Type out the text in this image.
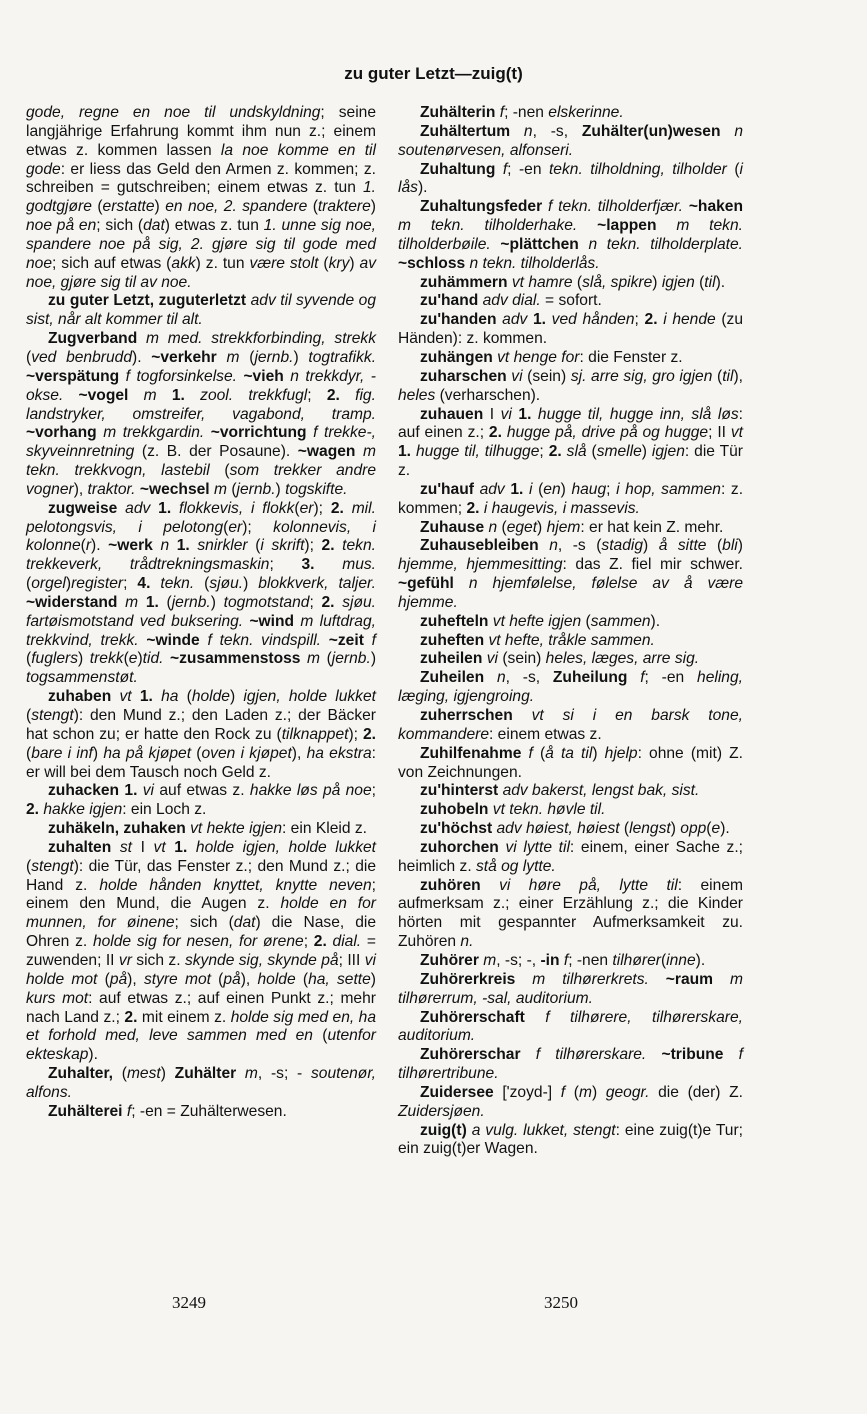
zu guter Letzt—zuig(t)

gode, regne en noe til undskyldning; seine langjährige Erfahrung kommt ihm nun z.; einem etwas z. kommen lassen la noe komme en til gode: er liess das Geld den Armen z. kommen; z. schreiben = gutschreiben; einem etwas z. tun 1. godtgjøre (erstatte) en noe, 2. spandere (traktere) noe på en; sich (dat) etwas z. tun 1. unne sig noe, spandere noe på sig, 2. gjøre sig til gode med noe; sich auf etwas (akk) z. tun være stolt (kry) av noe, gjøre sig til av noe.

zu guter Letzt, zuguterletzt adv til syvende og sist, når alt kommer til alt.

Zugverband m med. strekkforbinding, strekk (ved benbrudd). ~verkehr m (jernb.) togtrafikk. ~verspätung f togforsinkelse. ~vieh n trekkdyr, -okse. ~vogel m 1. zool. trekkfugl; 2. fig. landstryker, omstreifer, vagabond, tramp. ~vorhang m trekkgardin. ~vorrichtung f trekke-, skyveinnretning (z. B. der Posaune). ~wagen m tekn. trekkvogn, lastebil (som trekker andre vogner), traktor. ~wechsel m (jernb.) togskifte.

zugweise adv 1. flokkevis, i flokk(er); 2. mil. pelotongsvis, i pelotong(er); kolonnevis, i kolonne(r). ~werk n 1. snirkler (i skrift); 2. tekn. trekkeverk, trådtrekningsmaskin; 3. mus. (orgel)register; 4. tekn. (sjøu.) blokkverk, taljer. ~widerstand m 1. (jernb.) togmotstand; 2. sjøu. fartøismotstand ved buksering. ~wind m luftdrag, trekkvind, trekk. ~winde f tekn. vindspill. ~zeit f (fuglers) trekk(e)tid. ~zusammenstoss m (jernb.) togsammenstøt.

zuhaben vt 1. ha (holde) igjen, holde lukket (stengt): den Mund z.; den Laden z.; der Bäcker hat schon zu; er hatte den Rock zu (tilknappet); 2. (bare i inf) ha på kjøpet (oven i kjøpet), ha ekstra: er will bei dem Tausch noch Geld z.

zuhacken 1. vi auf etwas z. hakke løs på noe; 2. hakke igjen: ein Loch z.

zuhäkeln, zuhaken vt hekte igjen: ein Kleid z.

zuhalten st I vt 1. holde igjen, holde lukket (stengt): die Tür, das Fenster z.; den Mund z.; die Hand z. holde hånden knyttet, knytte neven; einem den Mund, die Augen z. holde en for munnen, for øinene; sich (dat) die Nase, die Ohren z. holde sig for nesen, for ørene; 2. dial. = zuwenden; II vr sich z. skynde sig, skynde på; III vi holde mot (på), styre mot (på), holde (ha, sette) kurs mot: auf etwas z.; auf einen Punkt z.; mehr nach Land z.; 2. mit einem z. holde sig med en, ha et forhold med, leve sammen med en (utenfor ekteskap).

Zuhalter, (mest) Zuhälter m, -s; - soutenør, alfons.

Zuhälterei f; -en = Zuhälterwesen.

Zuhälterin f; -nen elskerinne.

Zuhältertum n, -s, Zuhälter(un)wesen n soutenørvesen, alfonseri.

Zuhaltung f; -en tekn. tilholdning, tilholder (i lås).

Zuhaltungsfeder f tekn. tilholderfjær. ~haken m tekn. tilholderhake. ~lappen m tekn. tilholderbøile. ~plättchen n tekn. tilholderplate. ~schloss n tekn. tilholderlås.

zuhämmern vt hamre (slå, spikre) igjen (til).

zu'hand adv dial. = sofort.

zu'handen adv 1. ved hånden; 2. i hende (zu Händen): z. kommen.

zuhängen vt henge for: die Fenster z.

zuharschen vi (sein) sj. arre sig, gro igjen (til), heles (verharschen).

zuhauen I vi 1. hugge til, hugge inn, slå løs: auf einen z.; 2. hugge på, drive på og hugge; II vt 1. hugge til, tilhugge; 2. slå (smelle) igjen: die Tür z.

zu'hauf adv 1. i (en) haug; i hop, sammen: z. kommen; 2. i haugevis, i massevis.

Zuhause n (eget) hjem: er hat kein Z. mehr.

Zuhausebleiben n, -s (stadig) å sitte (bli) hjemme, hjemmesitting: das Z. fiel mir schwer. ~gefühl n hjemfølelse, følelse av å være hjemme.

zuhefteln vt hefte igjen (sammen).

zuheften vt hefte, tråkle sammen.

zuheilen vi (sein) heles, læges, arre sig.

Zuheilen n, -s, Zuheilung f; -en heling, læging, igjengroing.

zuherrschen vt si i en barsk tone, kommandere: einem etwas z.

Zuhilfenahme f (å ta til) hjelp: ohne (mit) Z. von Zeichnungen.

zu'hinterst adv bakerst, lengst bak, sist.

zuhobeln vt tekn. høvle til.

zu'höchst adv høiest, høiest (lengst) opp(e).

zuhorchen vi lytte til: einem, einer Sache z.; heimlich z. stå og lytte.

zuhören vi høre på, lytte til: einem aufmerksam z.; einer Erzählung z.; die Kinder hörten mit gespannter Aufmerksamkeit zu. Zuhören n.

Zuhörer m, -s; -, -in f; -nen tilhører(inne).

Zuhörerkreis m tilhørerkrets. ~raum m tilhørerrum, -sal, auditorium.

Zuhörerschaft f tilhørere, tilhørerskare, auditorium.

Zuhörerschar f tilhørerskare. ~tribune f tilhørertribune.

Zuidersee ['zoyd-] f (m) geogr. die (der) Z. Zuidersjøen.

zuig(t) a vulg. lukket, stengt: eine zuig(t)e Tur; ein zuig(t)er Wagen.

3249	3250
